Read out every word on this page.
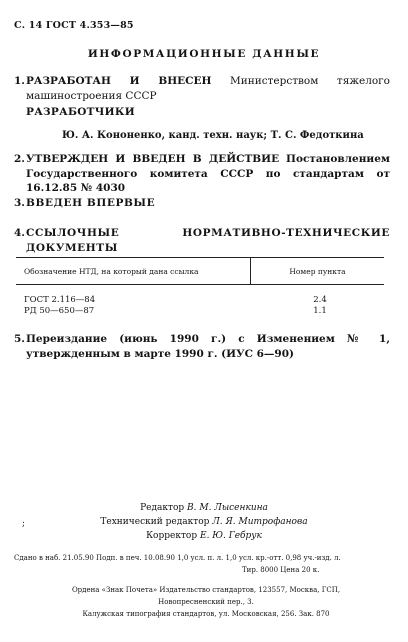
С. 14 ГОСТ 4.353—85
ИНФОРМАЦИОННЫЕ ДАННЫЕ
1. РАЗРАБОТАН И ВНЕСЕН Министерством тяжелого машиностроения СССР
РАЗРАБОТЧИКИ
Ю. А. Кононенко, канд. техн. наук; Т. С. Федоткина
2. УТВЕРЖДЕН И ВВЕДЕН В ДЕЙСТВИЕ Постановлением Государственного комитета СССР по стандартам от 16.12.85 № 4030
3. ВВЕДЕН ВПЕРВЫЕ
4. ССЫЛОЧНЫЕ НОРМАТИВНО-ТЕХНИЧЕСКИЕ ДОКУМЕНТЫ
Обозначение НТД, на который дана ссылка	Номер пункта
ГОСТ 2.116—84	2.4
РД 50—650—87	1.1
5. Переиздание (июнь 1990 г.) с Изменением № 1, утвержденным в марте 1990 г. (ИУС 6—90)
Редактор В. М. Лысенкина
Технический редактор Л. Я. Митрофанова
Корректор Е. Ю. Гебрук
;
Сдано в наб. 21.05.90 Подп. в печ. 10.08.90 1,0 усл. п. л. 1,0 усл. кр.-отт. 0,98 уч.-изд. л.
Тир. 8000 Цена 20 к.
Ордена «Знак Почета» Издательство стандартов, 123557, Москва, ГСП,
Новопресненский пер., 3.
Калужская типография стандартов, ул. Московская, 256. Зак. 870
